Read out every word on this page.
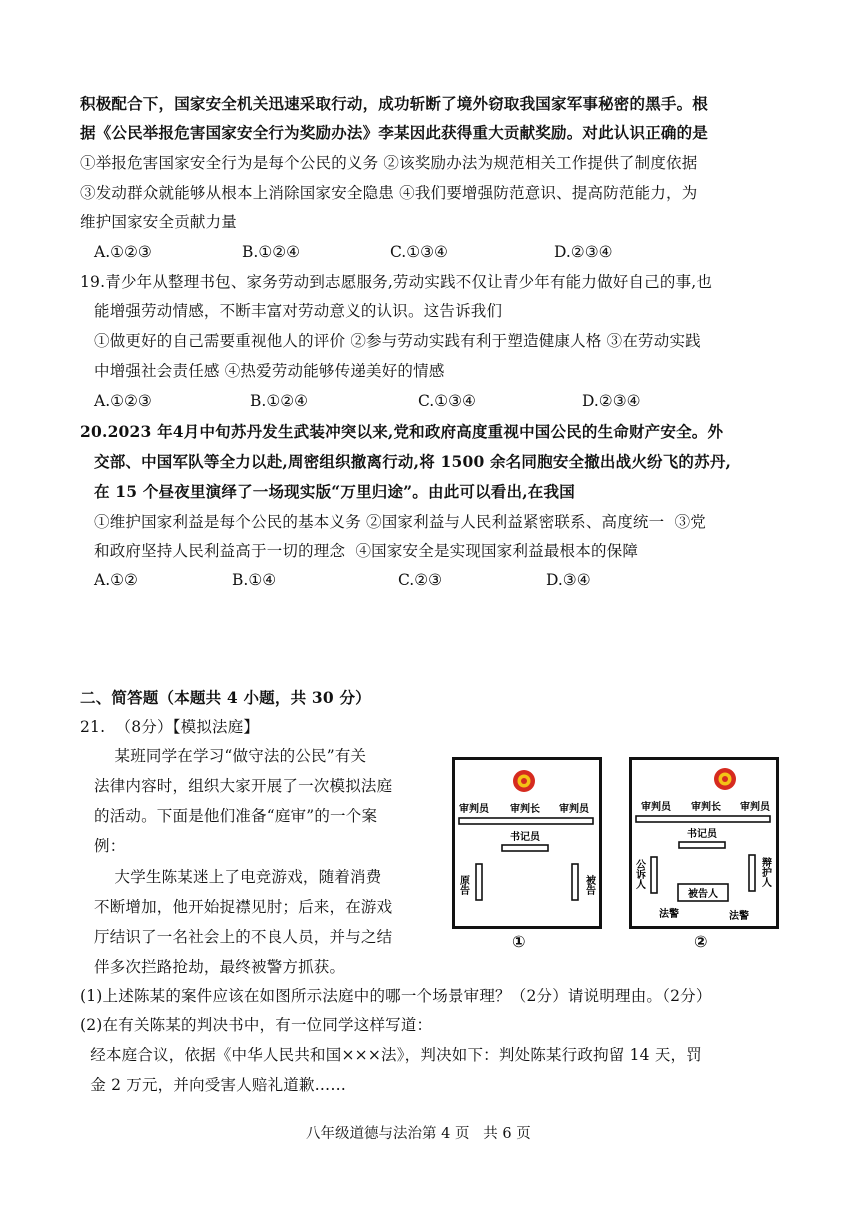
积极配合下，国家安全机关迅速采取行动，成功斩断了境外窃取我国家军事秘密的黑手。根
据《公民举报危害国家安全行为奖励办法》李某因此获得重大贡献奖励。对此认识正确的是
①举报危害国家安全行为是每个公民的义务 ②该奖励办法为规范相关工作提供了制度依据
③发动群众就能够从根本上消除国家安全隐患 ④我们要增强防范意识、提高防范能力，为
维护国家安全贡献力量
A.①②③	B.①②④	C.①③④	D.②③④
19.青少年从整理书包、家务劳动到志愿服务,劳动实践不仅让青少年有能力做好自己的事,也
能增强劳动情感，不断丰富对劳动意义的认识。这告诉我们
①做更好的自己需要重视他人的评价 ②参与劳动实践有利于塑造健康人格 ③在劳动实践
中增强社会责任感 ④热爱劳动能够传递美好的情感
A.①②③	B.①②④	C.①③④	D.②③④
20.2023 年4月中旬苏丹发生武装冲突以来,党和政府高度重视中国公民的生命财产安全。外
交部、中国军队等全力以赴,周密组织撤离行动,将 1500 余名同胞安全撤出战火纷飞的苏丹,
在 15 个昼夜里演绎了一场现实版“万里归途”。由此可以看出,在我国
①维护国家利益是每个公民的基本义务 ②国家利益与人民利益紧密联系、高度统一  ③党
和政府坚持人民利益高于一切的理念  ④国家安全是实现国家利益最根本的保障
A.①②	B.①④	C.②③	D.③④
二、简答题（本题共 4 小题，共 30 分）
21.  （8分）【模拟法庭】
某班同学在学习“做守法的公民”有关
法律内容时，组织大家开展了一次模拟法庭
的活动。下面是他们准备“庭审”的一个案
例：
大学生陈某迷上了电竞游戏，随着消费
不断增加，他开始捉襟见肘；后来，在游戏
厅结识了一名社会上的不良人员，并与之结
伴多次拦路抢劫，最终被警方抓获。
(1)上述陈某的案件应该在如图所示法庭中的哪一个场景审理？（2分）请说明理由。（2分）
(2)在有关陈某的判决书中，有一位同学这样写道：
经本庭合议，依据《中华人民共和国×××法》，判决如下：判处陈某行政拘留 14 天，罚
金 2 万元，并向受害人赔礼道歉……
审判员 审判长 审判员
书记员
原告	被告
①
审判员 审判长 审判员
书记员
公诉人	辩护人
被告人
法警	法警
②
八年级道德与法治第 4 页   共 6 页
